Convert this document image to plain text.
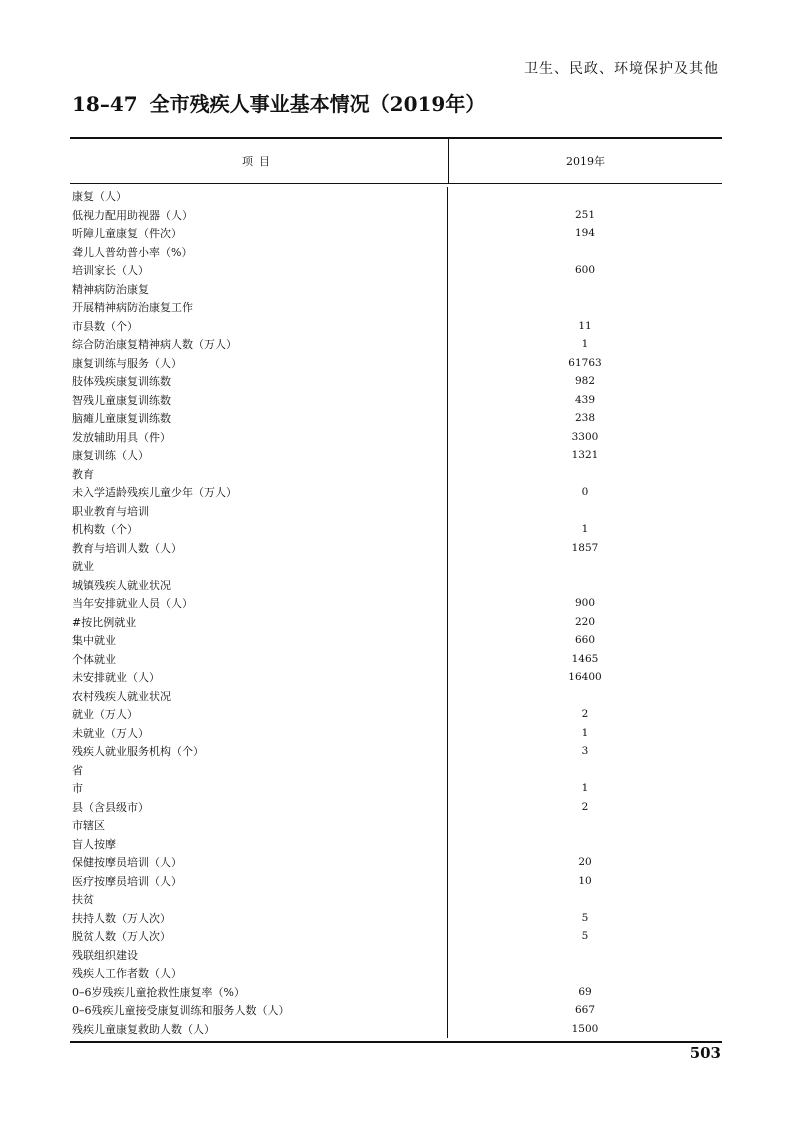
卫生、民政、环境保护及其他
18–47 全市残疾人事业基本情况（2019年）
项目	2019年
康复（人）
低视力配用助视器（人）	251
听障儿童康复（件次）	194
聋儿人普幼普小率（%）
培训家长（人）	600
精神病防治康复
开展精神病防治康复工作
市县数（个）	11
综合防治康复精神病人数（万人）	1
康复训练与服务（人）	61763
肢体残疾康复训练数	982
智残儿童康复训练数	439
脑瘫儿童康复训练数	238
发放辅助用具（件）	3300
康复训练（人）	1321
教育
未入学适龄残疾儿童少年（万人）	0
职业教育与培训
机构数（个）	1
教育与培训人数（人）	1857
就业
城镇残疾人就业状况
当年安排就业人员（人）	900
#按比例就业	220
集中就业	660
个体就业	1465
未安排就业（人）	16400
农村残疾人就业状况
就业（万人）	2
未就业（万人）	1
残疾人就业服务机构（个）	3
省
市	1
县（含县级市）	2
市辖区
盲人按摩
保健按摩员培训（人）	20
医疗按摩员培训（人）	10
扶贫
扶持人数（万人次）	5
脱贫人数（万人次）	5
残联组织建设
残疾人工作者数（人）
0–6岁残疾儿童抢救性康复率（%）	69
0–6残疾儿童接受康复训练和服务人数（人）	667
残疾儿童康复救助人数（人）	1500
503
